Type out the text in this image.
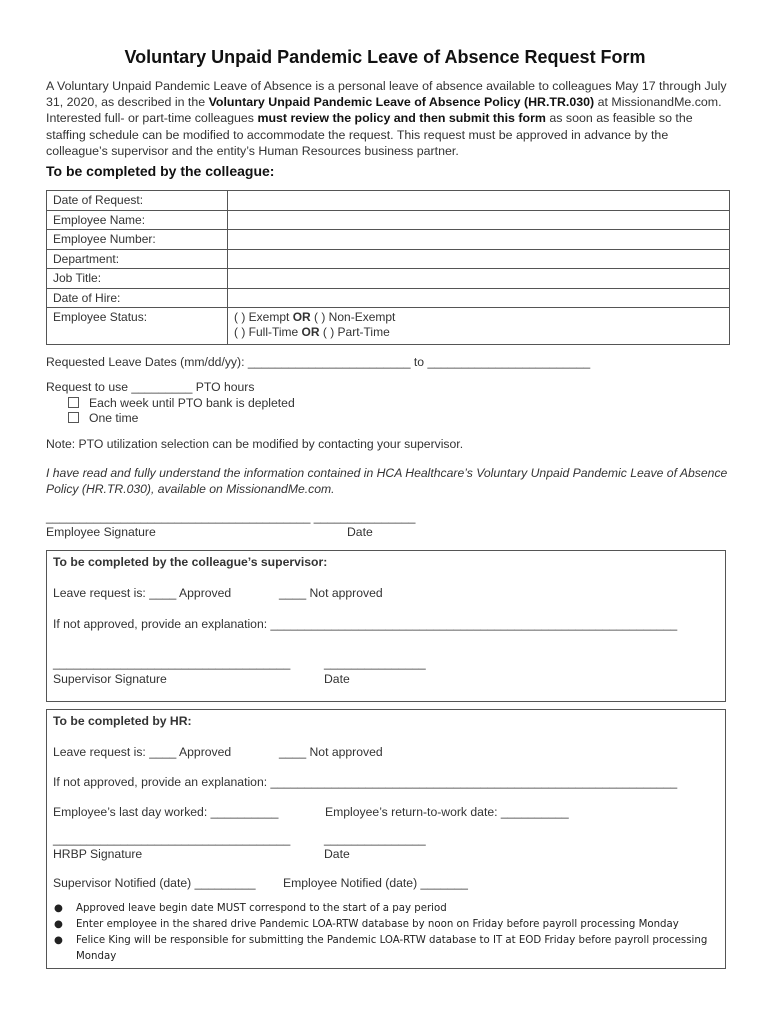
Voluntary Unpaid Pandemic Leave of Absence Request Form
A Voluntary Unpaid Pandemic Leave of Absence is a personal leave of absence available to colleagues May 17 through July 31, 2020, as described in the Voluntary Unpaid Pandemic Leave of Absence Policy (HR.TR.030) at MissionandMe.com. Interested full- or part-time colleagues must review the policy and then submit this form as soon as feasible so the staffing schedule can be modified to accommodate the request. This request must be approved in advance by the colleague’s supervisor and the entity’s Human Resources business partner.
To be completed by the colleague:
Date of Request:	
Employee Name:	
Employee Number:	
Department:	
Job Title:	
Date of Hire:	
Employee Status:	( ) Exempt OR ( ) Non-Exempt
( ) Full-Time OR ( ) Part-Time
Requested Leave Dates (mm/dd/yy): ________________________ to ________________________
Request to use _________ PTO hours
Each week until PTO bank is depleted
One time
Note: PTO utilization selection can be modified by contacting your supervisor.
I have read and fully understand the information contained in HCA Healthcare’s Voluntary Unpaid Pandemic Leave of Absence Policy (HR.TR.030), available on MissionandMe.com.
_______________________________________ _______________
Employee Signature	Date
To be completed by the colleague’s supervisor:
Leave request is: ____ Approved	____ Not approved
If not approved, provide an explanation: ____________________________________________________________
___________________________________	_______________
Supervisor Signature	Date
To be completed by HR:
Leave request is: ____ Approved	____ Not approved
If not approved, provide an explanation: ____________________________________________________________
Employee’s last day worked: __________	Employee’s return-to-work date: __________
___________________________________	_______________
HRBP Signature	Date
Supervisor Notified (date) _________ Employee Notified (date) _______
● Approved leave begin date MUST correspond to the start of a pay period
● Enter employee in the shared drive Pandemic LOA-RTW database by noon on Friday before payroll processing Monday
● Felice King will be responsible for submitting the Pandemic LOA-RTW database to IT at EOD Friday before payroll processing Monday
